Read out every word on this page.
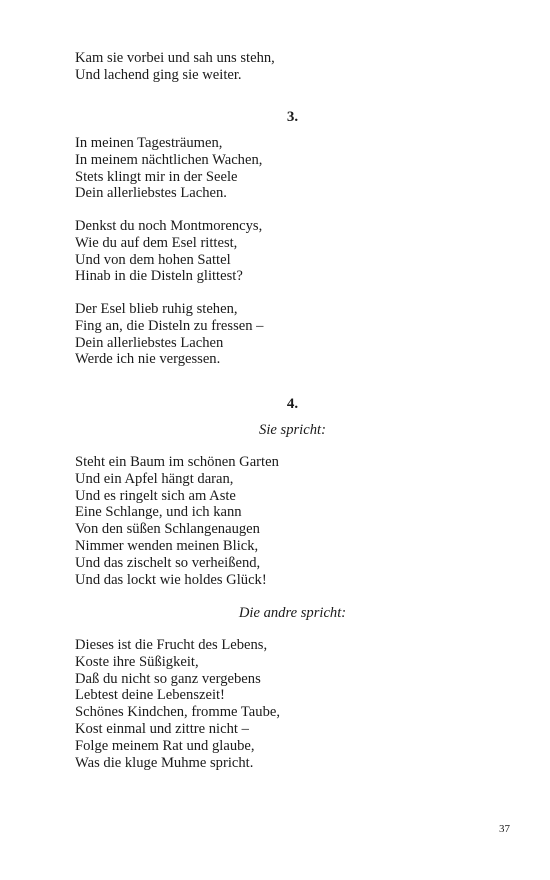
Kam sie vorbei und sah uns stehn,
Und lachend ging sie weiter.
3.
In meinen Tagesträumen,
In meinem nächtlichen Wachen,
Stets klingt mir in der Seele
Dein allerliebstes Lachen.
Denkst du noch Montmorencys,
Wie du auf dem Esel rittest,
Und von dem hohen Sattel
Hinab in die Disteln glittest?
Der Esel blieb ruhig stehen,
Fing an, die Disteln zu fressen –
Dein allerliebstes Lachen
Werde ich nie vergessen.
4.
Sie spricht:
Steht ein Baum im schönen Garten
Und ein Apfel hängt daran,
Und es ringelt sich am Aste
Eine Schlange, und ich kann
Von den süßen Schlangenaugen
Nimmer wenden meinen Blick,
Und das zischelt so verheißend,
Und das lockt wie holdes Glück!
Die andre spricht:
Dieses ist die Frucht des Lebens,
Koste ihre Süßigkeit,
Daß du nicht so ganz vergebens
Lebtest deine Lebenszeit!
Schönes Kindchen, fromme Taube,
Kost einmal und zittre nicht –
Folge meinem Rat und glaube,
Was die kluge Muhme spricht.
37
